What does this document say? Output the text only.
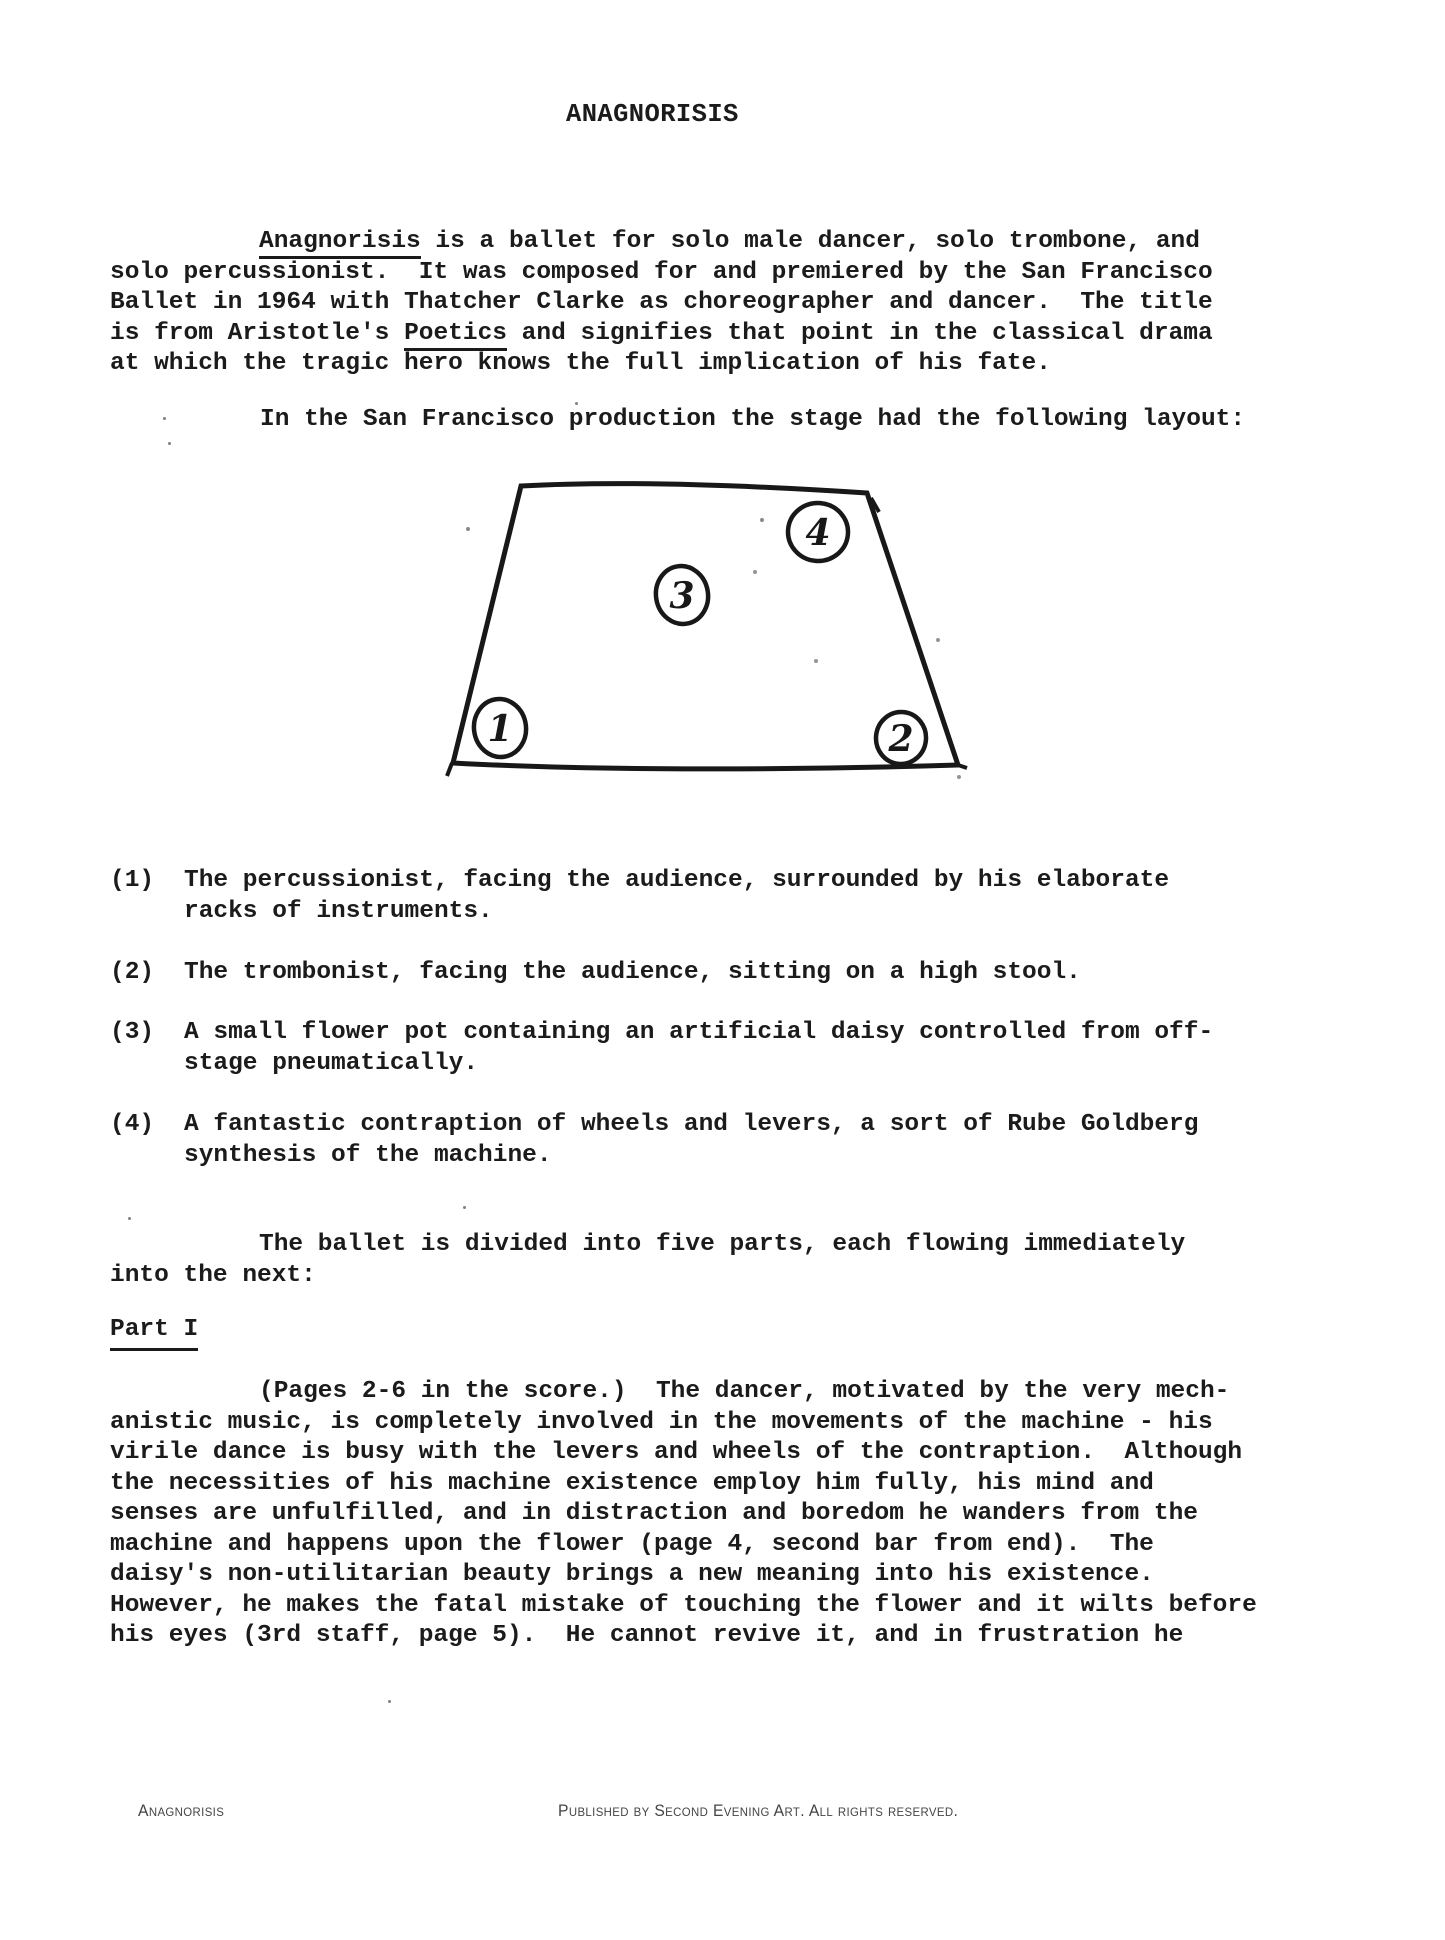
ANAGNORISIS
Anagnorisis is a ballet for solo male dancer, solo trombone, and
solo percussionist.  It was composed for and premiered by the San Francisco
Ballet in 1964 with Thatcher Clarke as choreographer and dancer.  The title
is from Aristotle's Poetics and signifies that point in the classical drama
at which the tragic hero knows the full implication of his fate.
In the San Francisco production the stage had the following layout:
1	2
3
4
(1) The percussionist, facing the audience, surrounded by his elaborate
racks of instruments.
(2) The trombonist, facing the audience, sitting on a high stool.
(3) A small flower pot containing an artificial daisy controlled from off-
stage pneumatically.
(4) A fantastic contraption of wheels and levers, a sort of Rube Goldberg
synthesis of the machine.
The ballet is divided into five parts, each flowing immediately
into the next:
Part I
(Pages 2-6 in the score.)  The dancer, motivated by the very mech-
anistic music, is completely involved in the movements of the machine - his
virile dance is busy with the levers and wheels of the contraption.  Although
the necessities of his machine existence employ him fully, his mind and
senses are unfulfilled, and in distraction and boredom he wanders from the
machine and happens upon the flower (page 4, second bar from end).  The
daisy's non-utilitarian beauty brings a new meaning into his existence.
However, he makes the fatal mistake of touching the flower and it wilts before
his eyes (3rd staff, page 5).  He cannot revive it, and in frustration he
Anagnorisis	Published by Second Evening Art. All rights reserved.
